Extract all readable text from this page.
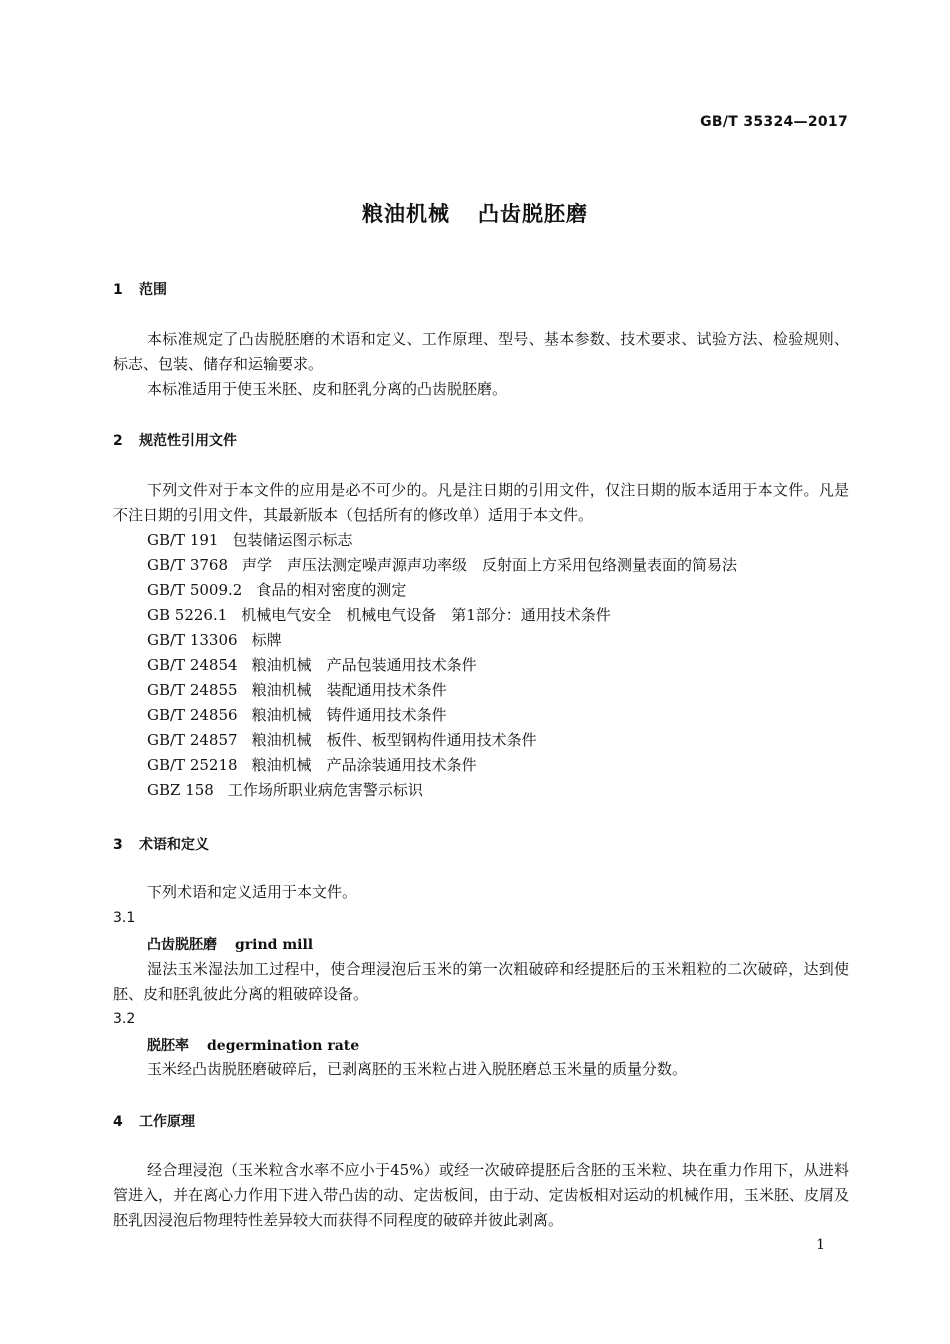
GB/T 35324—2017
粮油机械 凸齿脱胚磨
1 范围
本标准规定了凸齿脱胚磨的术语和定义、工作原理、型号、基本参数、技术要求、试验方法、检验规则、标志、包装、储存和运输要求。
本标准适用于使玉米胚、皮和胚乳分离的凸齿脱胚磨。
2 规范性引用文件
下列文件对于本文件的应用是必不可少的。凡是注日期的引用文件，仅注日期的版本适用于本文件。凡是不注日期的引用文件，其最新版本（包括所有的修改单）适用于本文件。
GB/T 191 包装储运图示标志
GB/T 3768 声学　声压法测定噪声源声功率级　反射面上方采用包络测量表面的简易法
GB/T 5009.2 食品的相对密度的测定
GB 5226.1 机械电气安全　机械电气设备　第1部分：通用技术条件
GB/T 13306 标牌
GB/T 24854 粮油机械　产品包装通用技术条件
GB/T 24855 粮油机械　装配通用技术条件
GB/T 24856 粮油机械　铸件通用技术条件
GB/T 24857 粮油机械　板件、板型钢构件通用技术条件
GB/T 25218 粮油机械　产品涂装通用技术条件
GBZ 158 工作场所职业病危害警示标识
3 术语和定义
下列术语和定义适用于本文件。
3.1
凸齿脱胚磨 grind mill
湿法玉米湿法加工过程中，使合理浸泡后玉米的第一次粗破碎和经提胚后的玉米粗粒的二次破碎，达到使胚、皮和胚乳彼此分离的粗破碎设备。
3.2
脱胚率 degermination rate
玉米经凸齿脱胚磨破碎后，已剥离胚的玉米粒占进入脱胚磨总玉米量的质量分数。
4 工作原理
经合理浸泡（玉米粒含水率不应小于45%）或经一次破碎提胚后含胚的玉米粒、块在重力作用下，从进料管进入，并在离心力作用下进入带凸齿的动、定齿板间，由于动、定齿板相对运动的机械作用，玉米胚、皮屑及胚乳因浸泡后物理特性差异较大而获得不同程度的破碎并彼此剥离。
1
